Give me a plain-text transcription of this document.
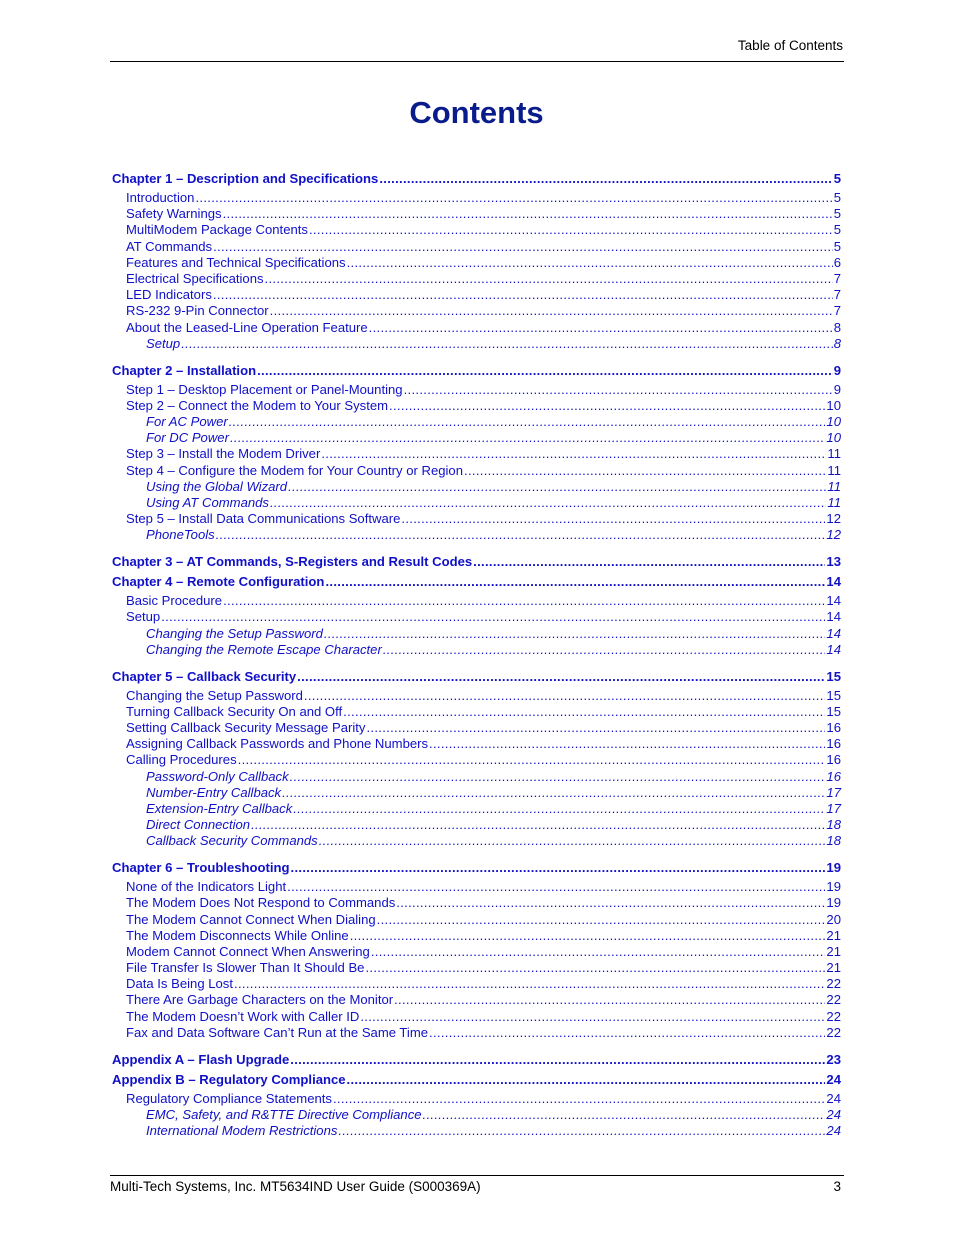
Table of Contents
Contents
Chapter 1 – Description and Specifications .....	5
Introduction .....	5
Safety Warnings .....	5
MultiModem Package Contents .....	5
AT Commands .....	5
Features and Technical Specifications .....	6
Electrical Specifications .....	7
LED Indicators .....	7
RS-232 9-Pin Connector .....	7
About the Leased-Line Operation Feature .....	8
Setup .....	8
Chapter 2 – Installation .....	9
Step 1 – Desktop Placement or Panel-Mounting .....	9
Step 2 – Connect the Modem to Your System .....	10
For AC Power .....	10
For DC Power .....	10
Step 3 – Install the Modem Driver .....	11
Step 4 – Configure the Modem for Your Country or Region .....	11
Using the Global Wizard .....	11
Using AT Commands .....	11
Step 5 – Install Data Communications Software .....	12
PhoneTools .....	12
Chapter 3 – AT Commands, S-Registers and Result Codes .....	13
Chapter 4 – Remote Configuration .....	14
Basic Procedure .....	14
Setup .....	14
Changing the Setup Password .....	14
Changing the Remote Escape Character .....	14
Chapter 5 – Callback Security .....	15
Changing the Setup Password .....	15
Turning Callback Security On and Off .....	15
Setting Callback Security Message Parity .....	16
Assigning Callback Passwords and Phone Numbers .....	16
Calling Procedures .....	16
Password-Only Callback .....	16
Number-Entry Callback .....	17
Extension-Entry Callback .....	17
Direct Connection .....	18
Callback Security Commands .....	18
Chapter 6 – Troubleshooting .....	19
None of the Indicators Light .....	19
The Modem Does Not Respond to Commands .....	19
The Modem Cannot Connect When Dialing .....	20
The Modem Disconnects While Online .....	21
Modem Cannot Connect When Answering .....	21
File Transfer Is Slower Than It Should Be .....	21
Data Is Being Lost .....	22
There Are Garbage Characters on the Monitor .....	22
The Modem Doesn’t Work with Caller ID .....	22
Fax and Data Software Can’t Run at the Same Time .....	22
Appendix A – Flash Upgrade .....	23
Appendix B – Regulatory Compliance .....	24
Regulatory Compliance Statements .....	24
EMC, Safety, and R&TTE Directive Compliance .....	24
International Modem Restrictions .....	24
Multi-Tech Systems, Inc. MT5634IND User Guide (S000369A)	3
